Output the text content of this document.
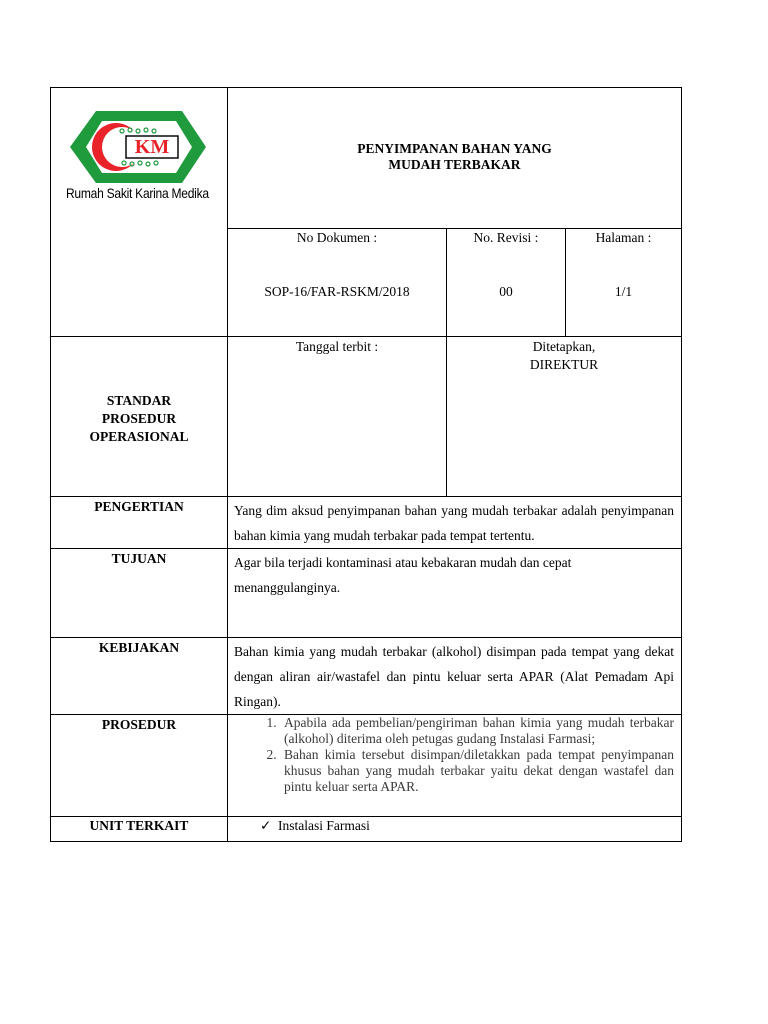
KM
Rumah Sakit Karina Medika
PENYIMPANAN BAHAN YANG
MUDAH TERBAKAR
No Dokumen :
SOP-16/FAR-RSKM/2018
No. Revisi :
00
Halaman :
1/1
Tanggal terbit :	Ditetapkan,
DIREKTUR
STANDAR
PROSEDUR
OPERASIONAL
PENGERTIAN	Yang dim aksud penyimpanan bahan yang mudah terbakar adalah penyimpanan bahan kimia yang mudah terbakar pada tempat tertentu.
TUJUAN	Agar bila terjadi kontaminasi atau kebakaran mudah dan cepat menanggulanginya.
KEBIJAKAN	Bahan kimia yang mudah terbakar (alkohol) disimpan pada tempat yang dekat dengan aliran air/wastafel dan pintu keluar serta APAR (Alat Pemadam Api Ringan).
PROSEDUR
1.	Apabila ada pembelian/pengiriman bahan kimia yang mudah terbakar (alkohol) diterima oleh petugas gudang Instalasi Farmasi;
2. Bahan kimia tersebut disimpan/diletakkan pada tempat penyimpanan khusus bahan yang mudah terbakar yaitu dekat dengan wastafel dan pintu keluar serta APAR.
UNIT TERKAIT	✓ Instalasi Farmasi
